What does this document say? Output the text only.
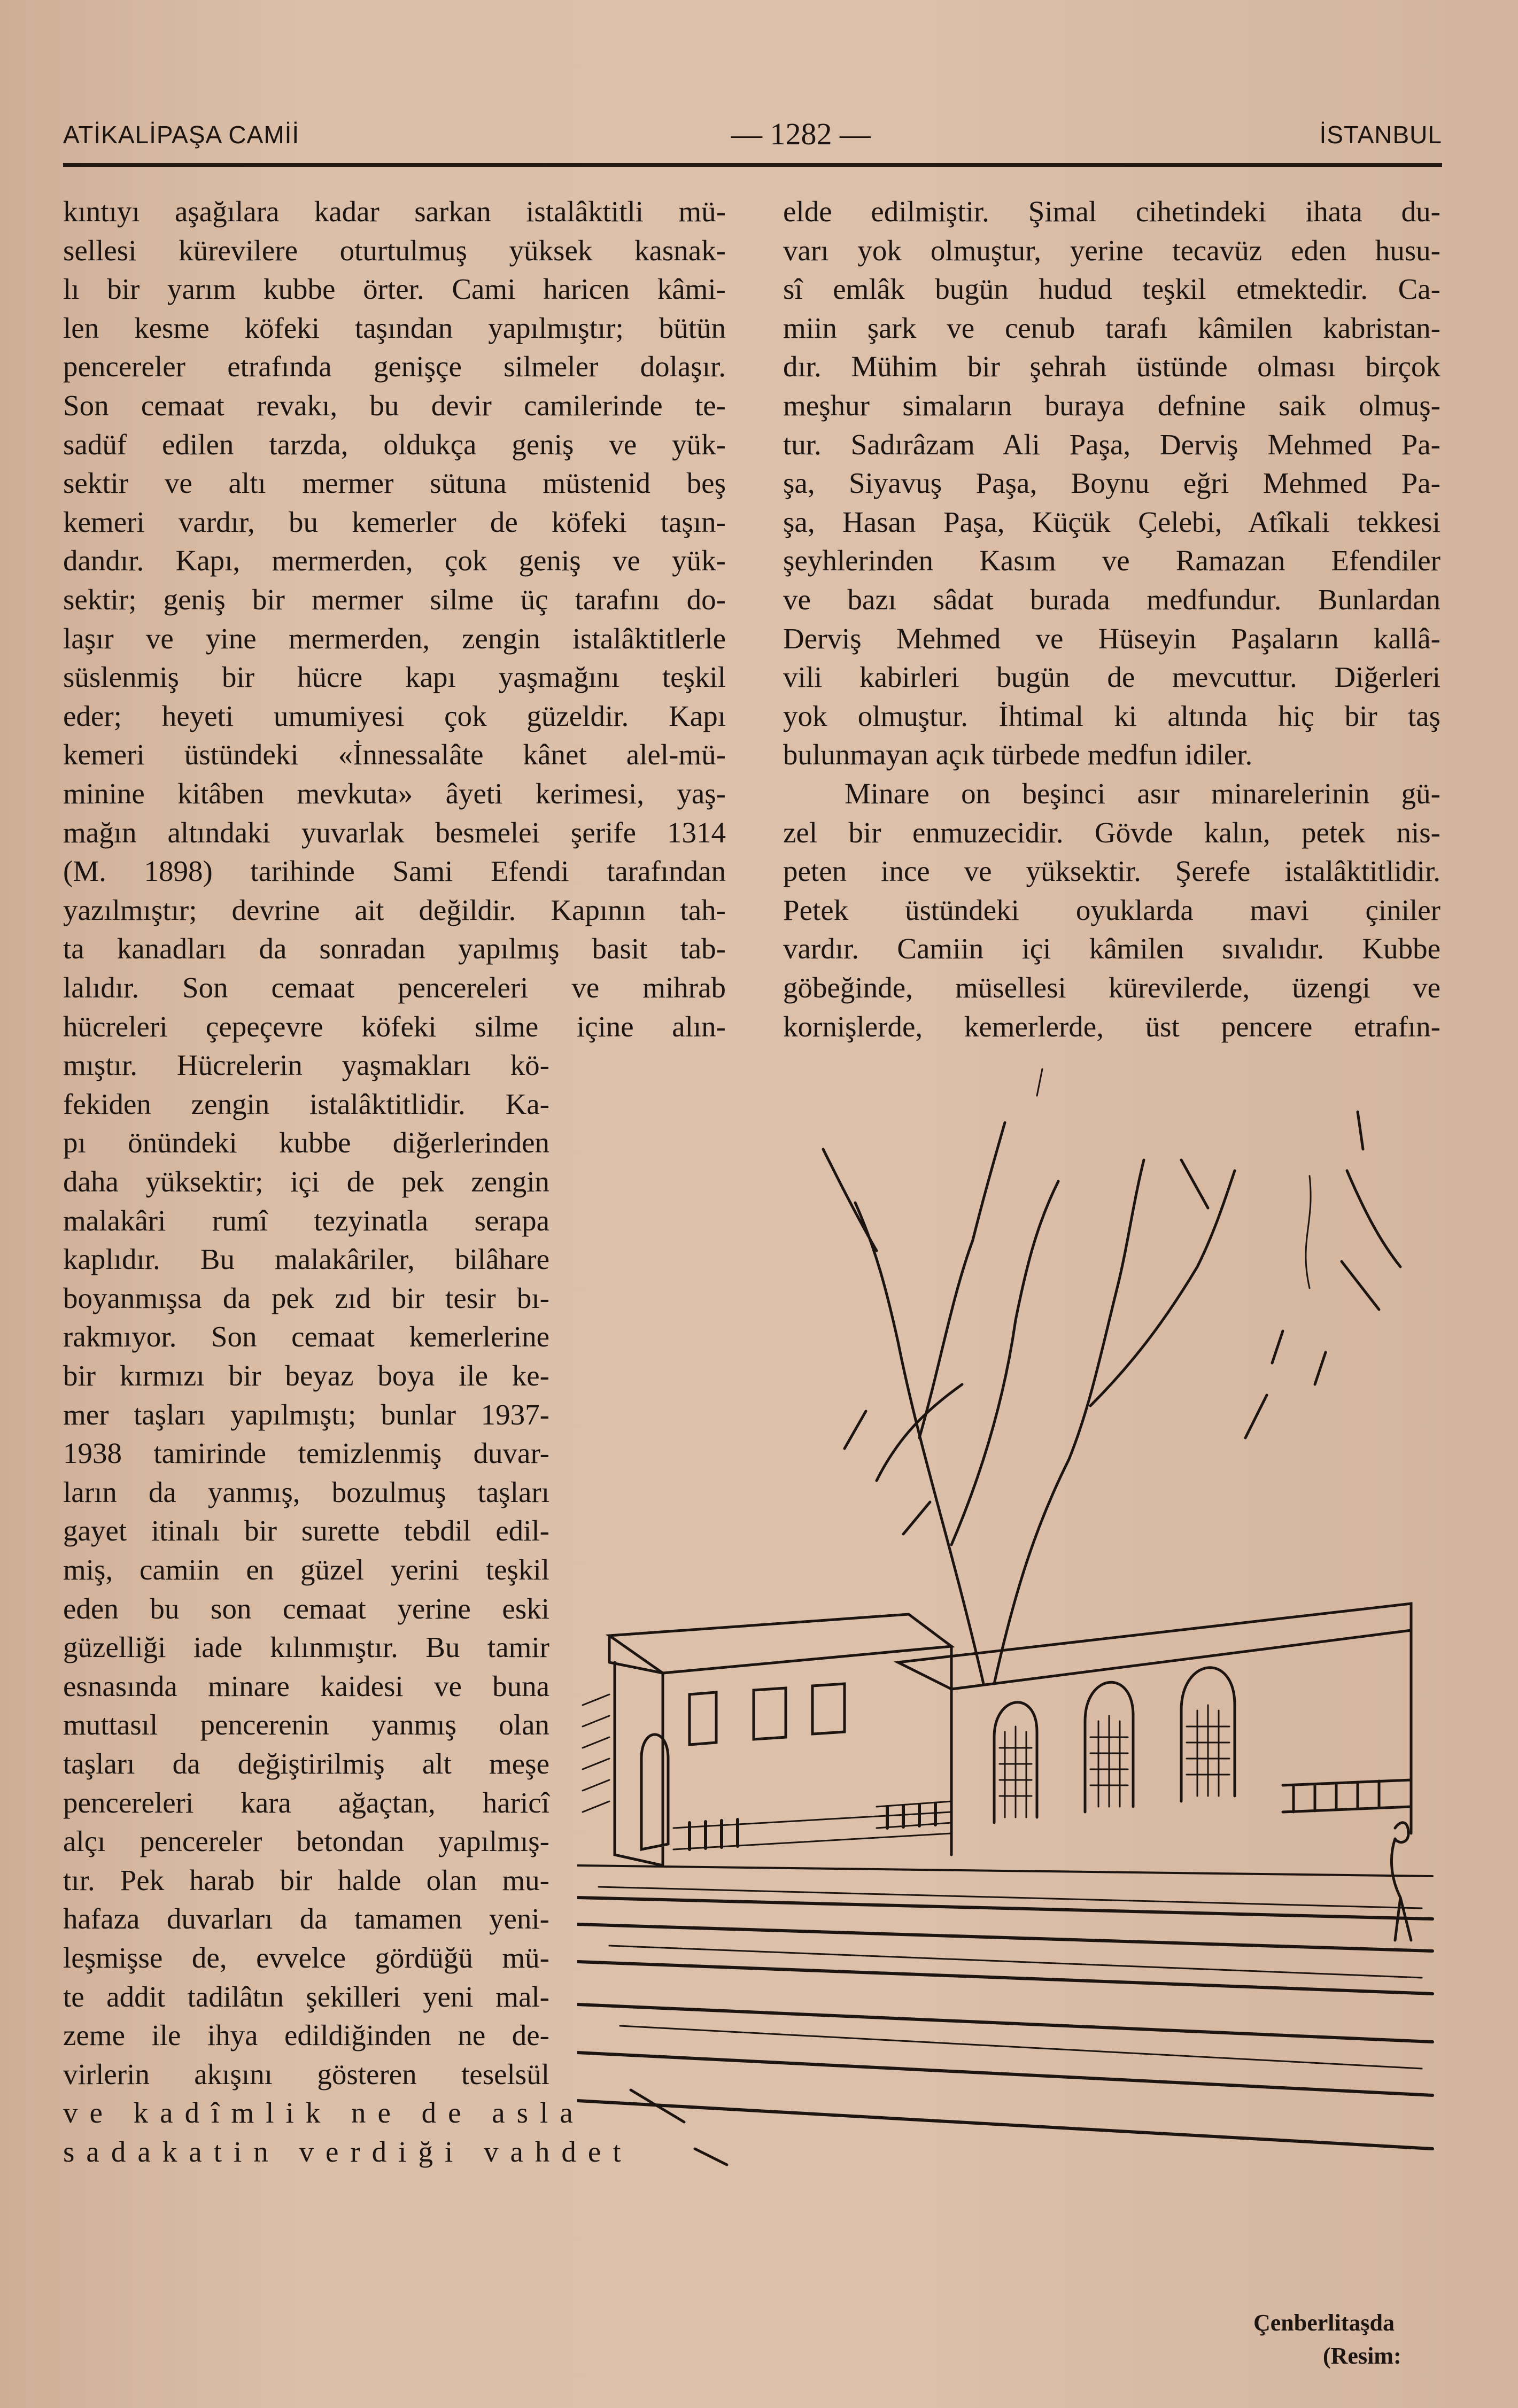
ATİKALİPAŞA CAMİİ	— 1282 —	İSTANBUL
kıntıyı aşağılara kadar sarkan istalâktitli mü-
sellesi kürevilere oturtulmuş yüksek kasnak-
lı bir yarım kubbe örter. Cami haricen kâmi-
len kesme köfeki taşından yapılmıştır; bütün
pencereler etrafında genişçe silmeler dolaşır.
Son cemaat revakı, bu devir camilerinde te-
sadüf edilen tarzda, oldukça geniş ve yük-
sektir ve altı mermer sütuna müstenid beş
kemeri vardır, bu kemerler de köfeki taşın-
dandır. Kapı, mermerden, çok geniş ve yük-
sektir; geniş bir mermer silme üç tarafını do-
laşır ve yine mermerden, zengin istalâktitlerle
süslenmiş bir hücre kapı yaşmağını teşkil
eder; heyeti umumiyesi çok güzeldir. Kapı
kemeri üstündeki «İnnessalâte kânet alel-mü-
minine kitâben mevkuta» âyeti kerimesi, yaş-
mağın altındaki yuvarlak besmelei şerife 1314
(M. 1898) tarihinde Sami Efendi tarafından
yazılmıştır; devrine ait değildir. Kapının tah-
ta kanadları da sonradan yapılmış basit tab-
lalıdır. Son cemaat pencereleri ve mihrab
hücreleri çepeçevre köfeki silme içine alın-
mıştır. Hücrelerin yaşmakları kö-
fekiden zengin istalâktitlidir. Ka-
pı önündeki kubbe diğerlerinden
daha yüksektir; içi de pek zengin
malakâri rumî tezyinatla serapa
kaplıdır. Bu malakâriler, bilâhare
boyanmışsa da pek zıd bir tesir bı-
rakmıyor. Son cemaat kemerlerine
bir kırmızı bir beyaz boya ile ke-
mer taşları yapılmıştı; bunlar 1937-
1938 tamirinde temizlenmiş duvar-
ların da yanmış, bozulmuş taşları
gayet itinalı bir surette tebdil edil-
miş, camiin en güzel yerini teşkil
eden bu son cemaat yerine eski
güzelliği iade kılınmıştır. Bu tamir
esnasında minare kaidesi ve buna
muttasıl pencerenin yanmış olan
taşları da değiştirilmiş alt meşe
pencereleri kara ağaçtan, haricî
alçı pencereler betondan yapılmış-
tır. Pek harab bir halde olan mu-
hafaza duvarları da tamamen yeni-
leşmişse de, evvelce gördüğü mü-
te addit tadilâtın şekilleri yeni mal-
zeme ile ihya edildiğinden ne de-
virlerin akışını gösteren teselsül
ve kadîmlik ne de asla
sadakatin verdiği vahdet
elde edilmiştir. Şimal cihetindeki ihata du-
varı yok olmuştur, yerine tecavüz eden husu-
sî emlâk bugün hudud teşkil etmektedir. Ca-
miin şark ve cenub tarafı kâmilen kabristan-
dır. Mühim bir şehrah üstünde olması birçok
meşhur simaların buraya defnine saik olmuş-
tur. Sadırâzam Ali Paşa, Derviş Mehmed Pa-
şa, Siyavuş Paşa, Boynu eğri Mehmed Pa-
şa, Hasan Paşa, Küçük Çelebi, Atîkali tekkesi
şeyhlerinden Kasım ve Ramazan Efendiler
ve bazı sâdat burada medfundur. Bunlardan
Derviş Mehmed ve Hüseyin Paşaların kallâ-
vili kabirleri bugün de mevcuttur. Diğerleri
yok olmuştur. İhtimal ki altında hiç bir taş
bulunmayan açık türbede medfun idiler.
Minare on beşinci asır minarelerinin gü-
zel bir enmuzecidir. Gövde kalın, petek nis-
peten ince ve yüksektir. Şerefe istalâktitlidir.
Petek üstündeki oyuklarda mavi çiniler
vardır. Camiin içi kâmilen sıvalıdır. Kubbe
göbeğinde, müsellesi kürevilerde, üzengi ve
kornişlerde, kemerlerde, üst pencere etrafın-
Çenberlitaşda
(Resim:
